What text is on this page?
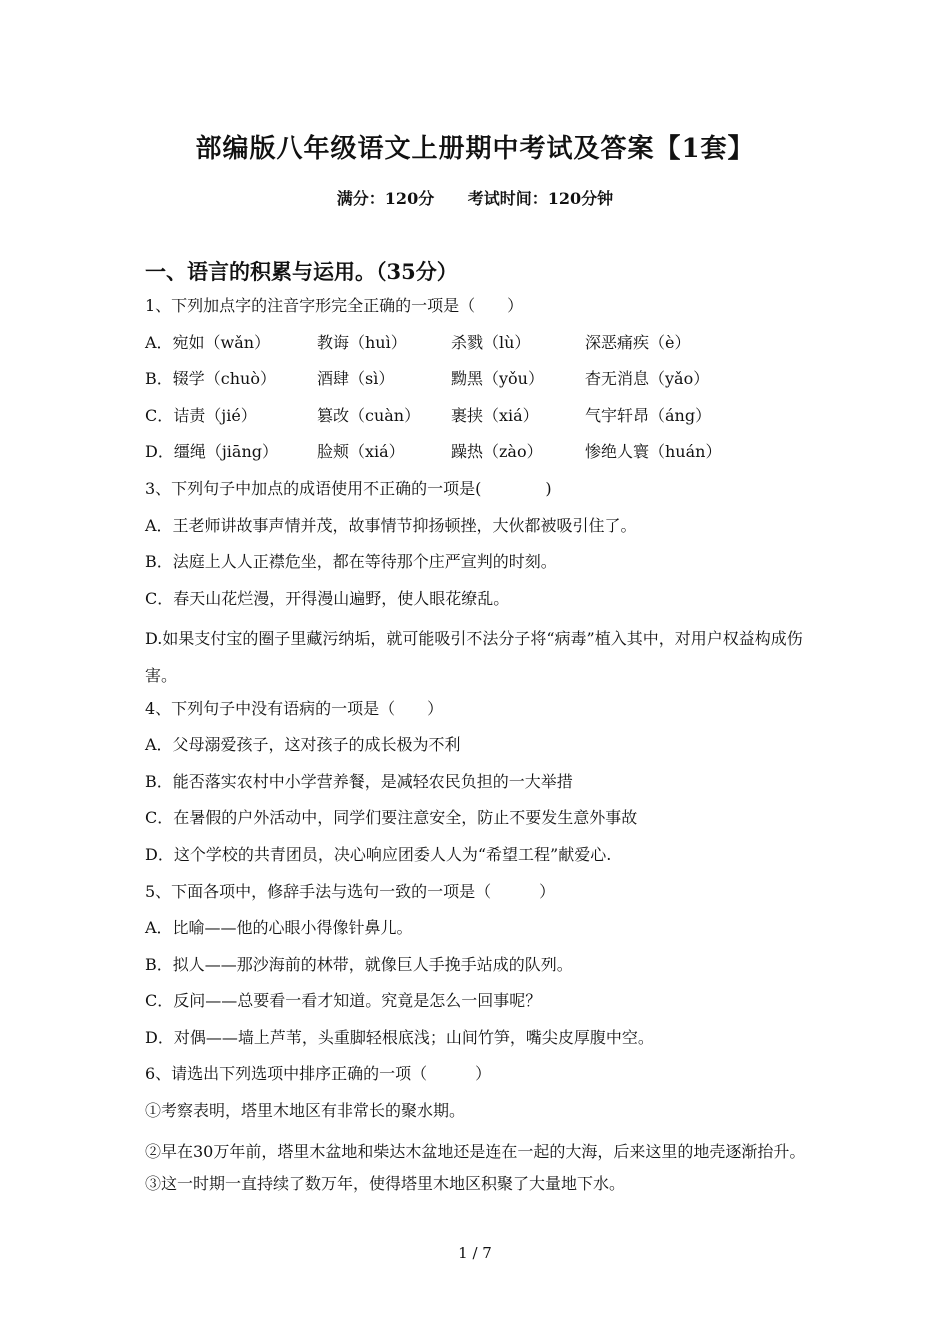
部编版八年级语文上册期中考试及答案【1套】
满分：120分 考试时间：120分钟
一、语言的积累与运用。（35分）
1、下列加点字的注音字形完全正确的一项是（　　）
A．宛如（wǎn）	教诲（huì）	杀戮（lù）	深恶痛疾（è）
B．辍学（chuò）	酒肆（sì）	黝黑（yǒu）	杳无消息（yǎo）
C．诘责（jié）	篡改（cuàn）	裹挟（xiá）	气宇轩昂（áng）
D．缰绳（jiāng）	脸颊（xiá）	躁热（zào）	惨绝人寰（huán）
3、下列句子中加点的成语使用不正确的一项是(　　　　)
A．王老师讲故事声情并茂，故事情节抑扬顿挫，大伙都被吸引住了。
B．法庭上人人正襟危坐，都在等待那个庄严宣判的时刻。
C．春天山花烂漫，开得漫山遍野，使人眼花缭乱。
D.如果支付宝的圈子里藏污纳垢，就可能吸引不法分子将“病毒”植入其中，对用户权益构成伤害。
4、下列句子中没有语病的一项是（　　）
A．父母溺爱孩子，这对孩子的成长极为不利
B．能否落实农村中小学营养餐，是减轻农民负担的一大举措
C．在暑假的户外活动中，同学们要注意安全，防止不要发生意外事故
D．这个学校的共青团员，决心响应团委人人为“希望工程”献爱心.
5、下面各项中，修辞手法与选句一致的一项是（　　　）
A．比喻——他的心眼小得像针鼻儿。
B．拟人——那沙海前的林带，就像巨人手挽手站成的队列。
C．反问——总要看一看才知道。究竟是怎么一回事呢？
D．对偶——墙上芦苇，头重脚轻根底浅；山间竹笋，嘴尖皮厚腹中空。
6、请选出下列选项中排序正确的一项（　　　）
①考察表明，塔里木地区有非常长的聚水期。
②早在30万年前，塔里木盆地和柴达木盆地还是连在一起的大海，后来这里的地壳逐渐抬升。
③这一时期一直持续了数万年，使得塔里木地区积聚了大量地下水。
1 / 7
